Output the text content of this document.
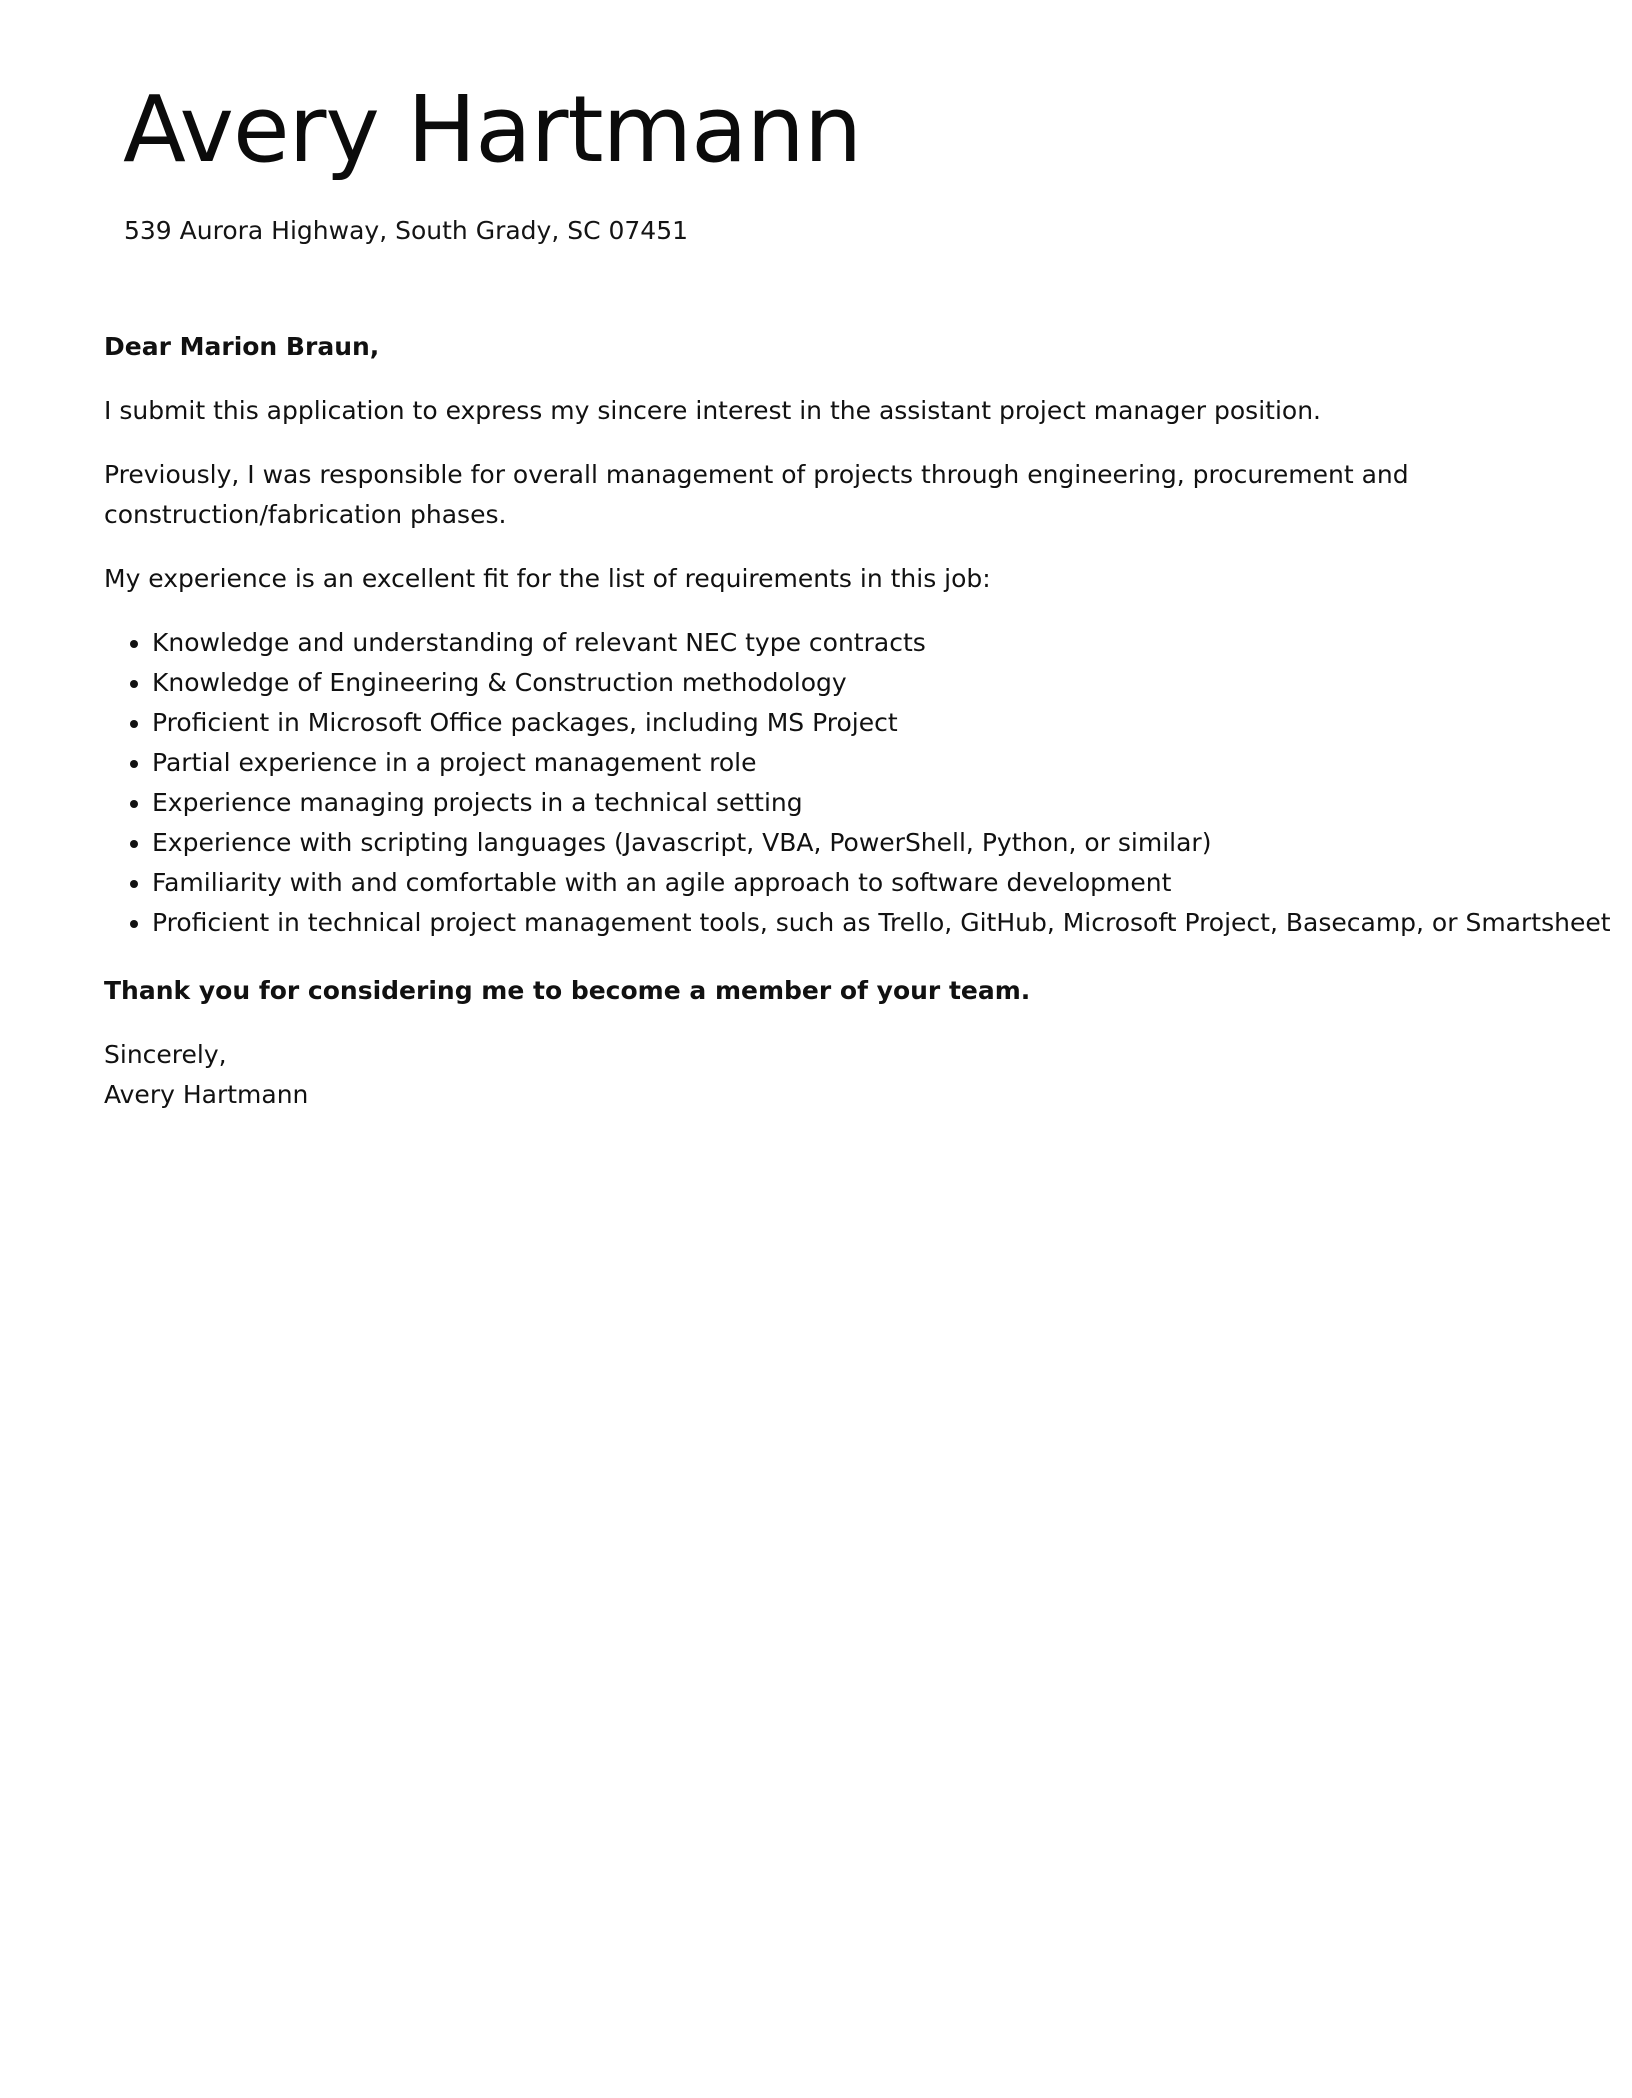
Avery Hartmann

539 Aurora Highway, South Grady, SC 07451

Dear Marion Braun,

I submit this application to express my sincere interest in the assistant project manager position.

Previously, I was responsible for overall management of projects through engineering, procurement and
construction/fabrication phases.

My experience is an excellent fit for the list of requirements in this job:

• Knowledge and understanding of relevant NEC type contracts
• Knowledge of Engineering & Construction methodology
• Proficient in Microsoft Office packages, including MS Project
• Partial experience in a project management role
• Experience managing projects in a technical setting
• Experience with scripting languages (Javascript, VBA, PowerShell, Python, or similar)
• Familiarity with and comfortable with an agile approach to software development
• Proficient in technical project management tools, such as Trello, GitHub, Microsoft Project, Basecamp, or Smartsheet

Thank you for considering me to become a member of your team.

Sincerely,
Avery Hartmann
